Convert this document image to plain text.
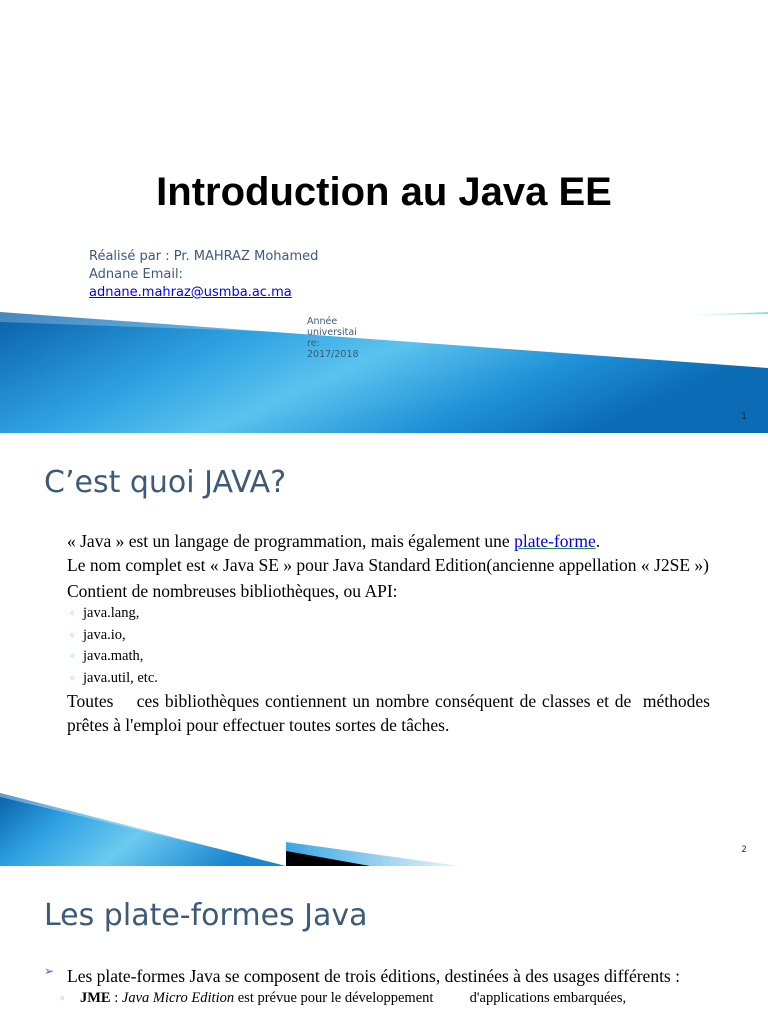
Introduction au Java EE
Réalisé par : Pr. MAHRAZ Mohamed
Adnane Email:
adnane.mahraz@usmba.ac.ma
Année
universitai
re:
2017/2018
1
C’est quoi JAVA?

« Java » est un langage de programmation, mais également une plate-forme.

Le nom complet est « Java SE » pour Java Standard Edition(ancienne appellation « J2SE »)

Contient de nombreuses bibliothèques, ou API:

◦ java.lang,
◦ java.io,
◦ java.math,
◦ java.util, etc.

Toutes    ces bibliothèques contiennent un nombre conséquent de classes et de  méthodes prêtes à l'emploi pour effectuer toutes sortes de tâches.

2
Les plate-formes Java
➢ Les plate-formes Java se composent de trois éditions, destinées à des usages différents :

◦ JME : Java Micro Edition est prévue pour le développement          d'applications embarquées,
